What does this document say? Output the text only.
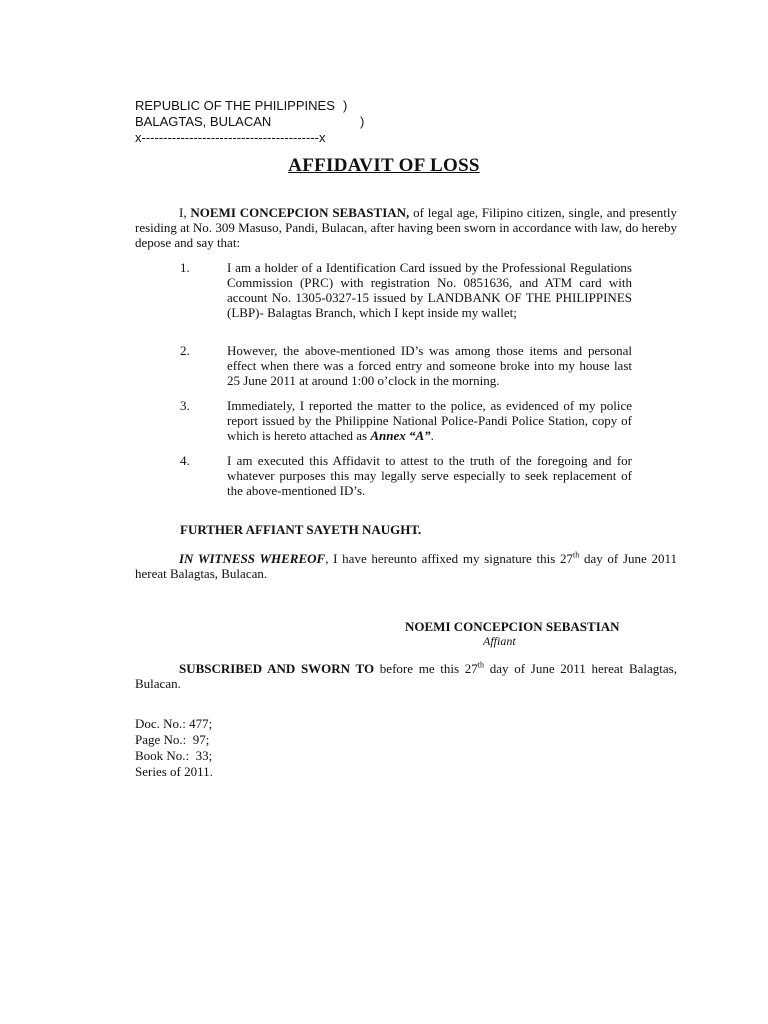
REPUBLIC OF THE PHILIPPINES )
BALAGTAS, BULACAN	)
x-----------------------------------------x
AFFIDAVIT OF LOSS
I, NOEMI CONCEPCION SEBASTIAN, of legal age, Filipino citizen, single, and presently residing at No. 309 Masuso, Pandi, Bulacan, after having been sworn in accordance with law, do hereby depose and say that:
1.	I am a holder of a Identification Card issued by the Professional Regulations Commission (PRC) with registration No. 0851636, and ATM card with account No. 1305-0327-15 issued by LANDBANK OF THE PHILIPPINES (LBP)- Balagtas Branch, which I kept inside my wallet;
2.	However, the above-mentioned ID’s was among those items and personal effect when there was a forced entry and someone broke into my house last 25 June 2011 at around 1:00 o’clock in the morning.
3.	Immediately, I reported the matter to the police, as evidenced of my police report issued by the Philippine National Police-Pandi Police Station, copy of which is hereto attached as Annex “A”.
4.	I am executed this Affidavit to attest to the truth of the foregoing and for whatever purposes this may legally serve especially to seek replacement of the above-mentioned ID’s.
FURTHER AFFIANT SAYETH NAUGHT.
IN WITNESS WHEREOF, I have hereunto affixed my signature this 27th day of June 2011 hereat Balagtas, Bulacan.
NOEMI CONCEPCION SEBASTIAN
Affiant
SUBSCRIBED AND SWORN TO before me this 27th day of June 2011 hereat Balagtas, Bulacan.
Doc. No.: 477;
Page No.:  97;
Book No.:  33;
Series of 2011.
